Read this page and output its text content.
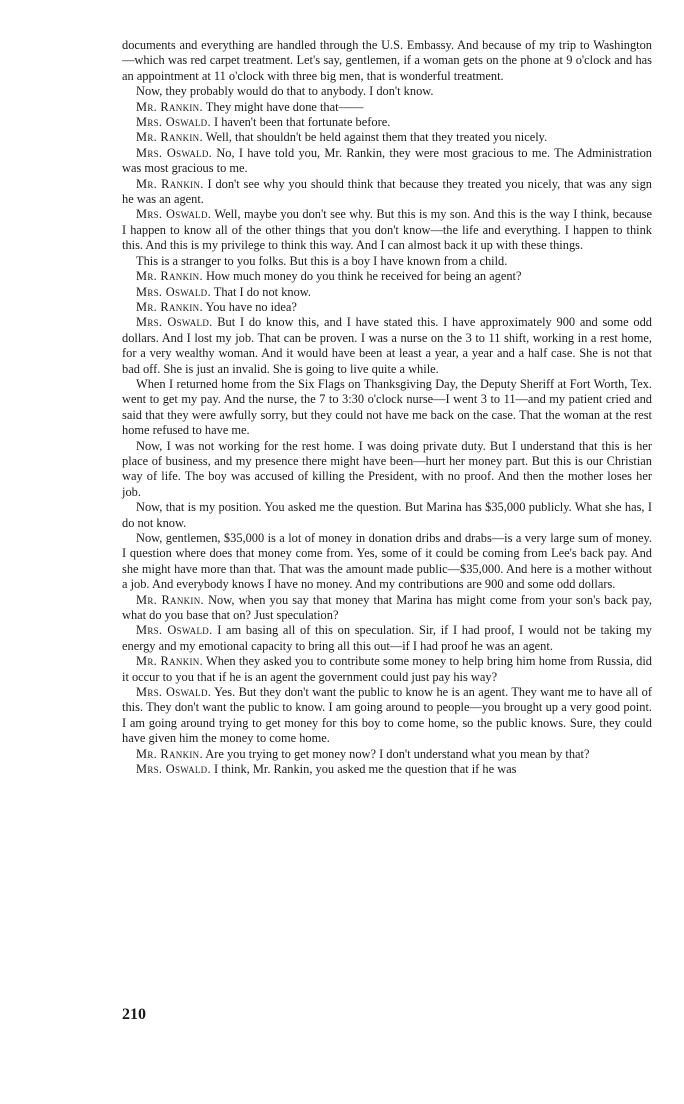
documents and everything are handled through the U.S. Embassy. And because of my trip to Washington—which was red carpet treatment. Let's say, gentlemen, if a woman gets on the phone at 9 o'clock and has an appointment at 11 o'clock with three big men, that is wonderful treatment.

Now, they probably would do that to anybody. I don't know.

Mr. Rankin. They might have done that——

Mrs. Oswald. I haven't been that fortunate before.

Mr. Rankin. Well, that shouldn't be held against them that they treated you nicely.

Mrs. Oswald. No, I have told you, Mr. Rankin, they were most gracious to me. The Administration was most gracious to me.

Mr. Rankin. I don't see why you should think that because they treated you nicely, that was any sign he was an agent.

Mrs. Oswald. Well, maybe you don't see why. But this is my son. And this is the way I think, because I happen to know all of the other things that you don't know—the life and everything. I happen to think this. And this is my privilege to think this way. And I can almost back it up with these things.

This is a stranger to you folks. But this is a boy I have known from a child.

Mr. Rankin. How much money do you think he received for being an agent?

Mrs. Oswald. That I do not know.

Mr. Rankin. You have no idea?

Mrs. Oswald. But I do know this, and I have stated this. I have approximately 900 and some odd dollars. And I lost my job. That can be proven. I was a nurse on the 3 to 11 shift, working in a rest home, for a very wealthy woman. And it would have been at least a year, a year and a half case. She is not that bad off. She is just an invalid. She is going to live quite a while.

When I returned home from the Six Flags on Thanksgiving Day, the Deputy Sheriff at Fort Worth, Tex. went to get my pay. And the nurse, the 7 to 3:30 o'clock nurse—I went 3 to 11—and my patient cried and said that they were awfully sorry, but they could not have me back on the case. That the woman at the rest home refused to have me.

Now, I was not working for the rest home. I was doing private duty. But I understand that this is her place of business, and my presence there might have been—hurt her money part. But this is our Christian way of life. The boy was accused of killing the President, with no proof. And then the mother loses her job.

Now, that is my position. You asked me the question. But Marina has $35,000 publicly. What she has, I do not know.

Now, gentlemen, $35,000 is a lot of money in donation dribs and drabs—is a very large sum of money. I question where does that money come from. Yes, some of it could be coming from Lee's back pay. And she might have more than that. That was the amount made public—$35,000. And here is a mother without a job. And everybody knows I have no money. And my contributions are 900 and some odd dollars.

Mr. Rankin. Now, when you say that money that Marina has might come from your son's back pay, what do you base that on? Just speculation?

Mrs. Oswald. I am basing all of this on speculation. Sir, if I had proof, I would not be taking my energy and my emotional capacity to bring all this out—if I had proof he was an agent.

Mr. Rankin. When they asked you to contribute some money to help bring him home from Russia, did it occur to you that if he is an agent the government could just pay his way?

Mrs. Oswald. Yes. But they don't want the public to know he is an agent. They want me to have all of this. They don't want the public to know. I am going around to people—you brought up a very good point. I am going around trying to get money for this boy to come home, so the public knows. Sure, they could have given him the money to come home.

Mr. Rankin. Are you trying to get money now? I don't understand what you mean by that?

Mrs. Oswald. I think, Mr. Rankin, you asked me the question that if he was

210
